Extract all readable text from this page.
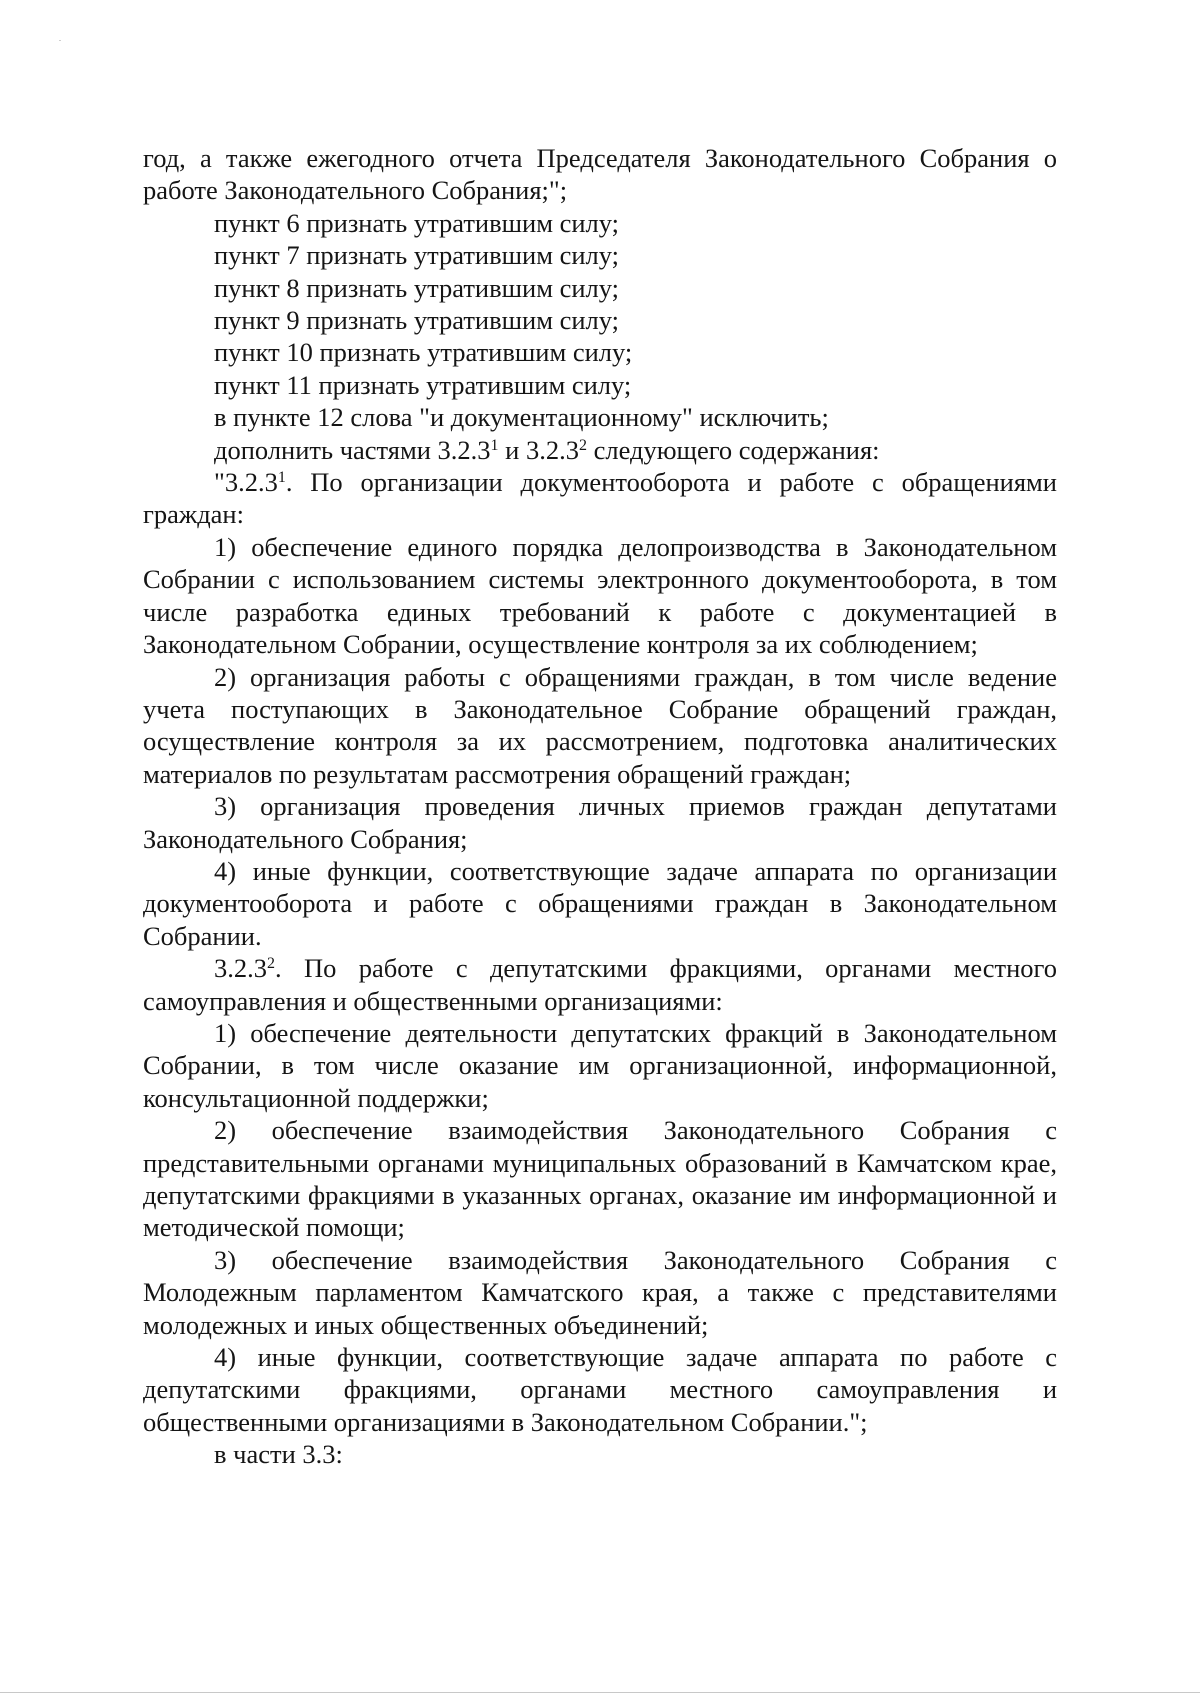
год, а также ежегодного отчета Председателя Законодательного Собрания о работе Законодательного Собрания;";

пункт 6 признать утратившим силу;

пункт 7 признать утратившим силу;

пункт 8 признать утратившим силу;

пункт 9 признать утратившим силу;

пункт 10 признать утратившим силу;

пункт 11 признать утратившим силу;

в пункте 12 слова "и документационному" исключить;

дополнить частями 3.2.3$^1$ и 3.2.3$^2$ следующего содержания:

"3.2.3$^1$. По организации документооборота и работе с обращениями граждан:

1) обеспечение единого порядка делопроизводства в Законодательном Собрании с использованием системы электронного документооборота, в том числе разработка единых требований к работе с документацией в Законодательном Собрании, осуществление контроля за их соблюдением;

2) организация работы с обращениями граждан, в том числе ведение учета поступающих в Законодательное Собрание обращений граждан, осуществление контроля за их рассмотрением, подготовка аналитических материалов по результатам рассмотрения обращений граждан;

3) организация проведения личных приемов граждан депутатами Законодательного Собрания;

4) иные функции, соответствующие задаче аппарата по организации документооборота и работе с обращениями граждан в Законодательном Собрании.

3.2.3$^2$. По работе с депутатскими фракциями, органами местного самоуправления и общественными организациями:

1) обеспечение деятельности депутатских фракций в Законодательном Собрании, в том числе оказание им организационной, информационной, консультационной поддержки;

2) обеспечение взаимодействия Законодательного Собрания с представительными органами муниципальных образований в Камчатском крае, депутатскими фракциями в указанных органах, оказание им информационной и методической помощи;

3) обеспечение взаимодействия Законодательного Собрания с Молодежным парламентом Камчатского края, а также с представителями молодежных и иных общественных объединений;

4) иные функции, соответствующие задаче аппарата по работе с депутатскими фракциями, органами местного самоуправления и общественными организациями в Законодательном Собрании.";

в части 3.3:
